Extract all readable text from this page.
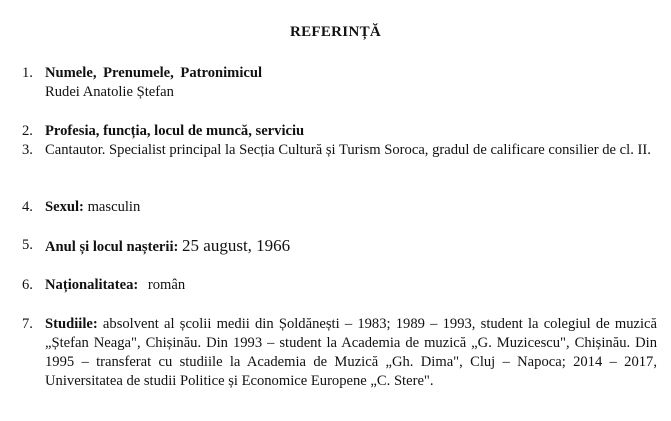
REFERINȚĂ
1. Numele, Prenumele, Patronimicul
Rudei Anatolie Ștefan
2. Profesia, funcția, locul de muncă, serviciu
3. Cantautor. Specialist principal la Secția Cultură și Turism Soroca, gradul de calificare consilier de cl. II.
4. Sexul: masculin
5. Anul și locul nașterii: 25 august, 1966
6. Naționalitatea: român
7. Studiile: absolvent al școlii medii din Șoldănești – 1983; 1989 – 1993, student la colegiul de muzică „Ștefan Neaga", Chișinău. Din 1993 – student la Academia de muzică „G. Muzicescu", Chișinău. Din 1995 – transferat cu studiile la Academia de Muzică „Gh. Dima", Cluj – Napoca; 2014 – 2017, Universitatea de studii Politice și Economice Europene „C. Stere".
